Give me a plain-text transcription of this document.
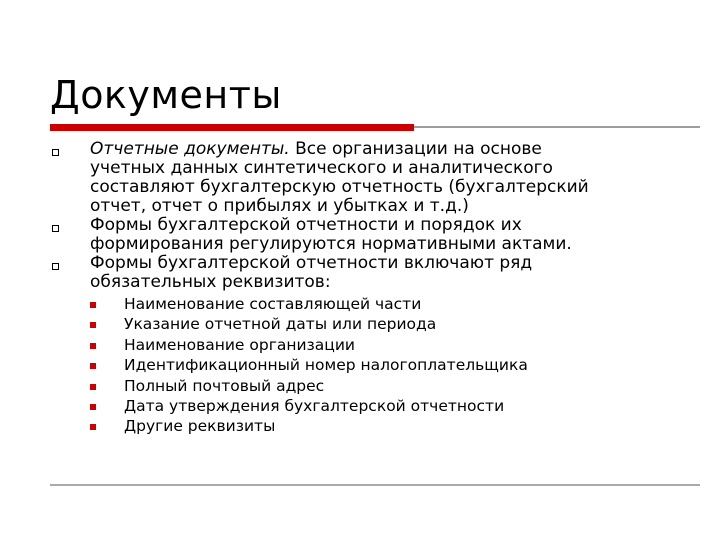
Документы
Отчетные документы. Все организации на основе
учетных данных синтетического и аналитического
составляют бухгалтерскую отчетность (бухгалтерский
отчет, отчет о прибылях и убытках и т.д.)
Формы бухгалтерской отчетности и порядок их
формирования регулируются нормативными актами.
Формы бухгалтерской отчетности включают ряд
обязательных реквизитов:
Наименование составляющей части
Указание отчетной даты или периода
Наименование организации
Идентификационный номер налогоплательщика
Полный почтовый адрес
Дата утверждения бухгалтерской отчетности
Другие реквизиты
